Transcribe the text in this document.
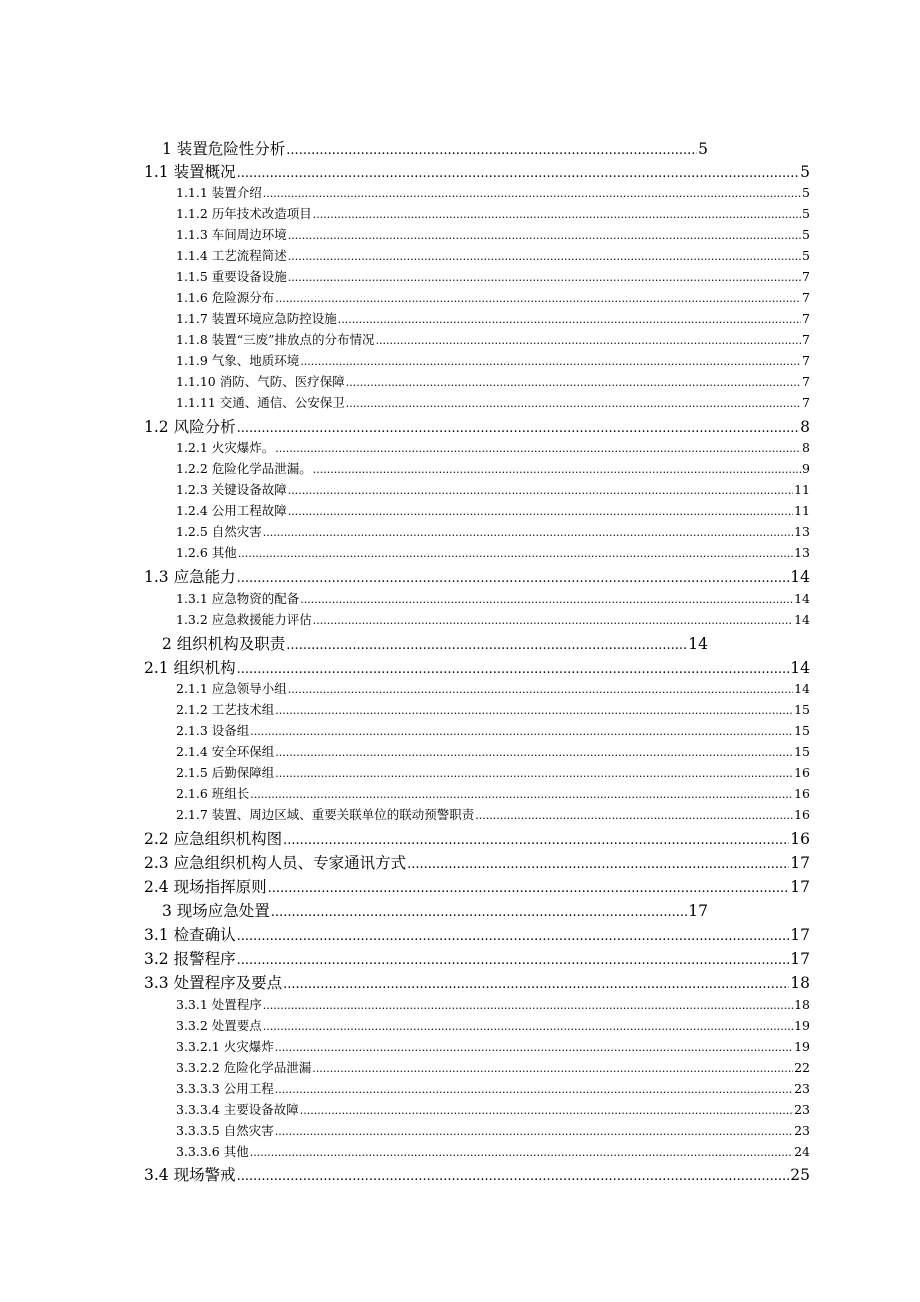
1 装置危险性分析 .....	5
1.1 装置概况 .....	5
1.1.1 装置介绍 .....	5
1.1.2 历年技术改造项目 .....	5
1.1.3 车间周边环境 .....	5
1.1.4 工艺流程简述 .....	5
1.1.5 重要设备设施 .....	7
1.1.6 危险源分布 .....	7
1.1.7 装置环境应急防控设施 .....	7
1.1.8 装置“三废”排放点的分布情况 .....	7
1.1.9 气象、地质环境 .....	7
1.1.10 消防、气防、医疗保障 .....	7
1.1.11 交通、通信、公安保卫 .....	7
1.2 风险分析 .....	8
1.2.1 火灾爆炸。 .....	8
1.2.2 危险化学品泄漏。 .....	9
1.2.3 关键设备故障 .....	11
1.2.4 公用工程故障 .....	11
1.2.5 自然灾害 .....	13
1.2.6 其他 .....	13
1.3 应急能力 .....	14
1.3.1 应急物资的配备 .....	14
1.3.2 应急救援能力评估 .....	14
2 组织机构及职责 .....	14
2.1 组织机构 .....	14
2.1.1 应急领导小组 .....	14
2.1.2 工艺技术组 .....	15
2.1.3 设备组 .....	15
2.1.4 安全环保组 .....	15
2.1.5 后勤保障组 .....	16
2.1.6 班组长 .....	16
2.1.7 装置、周边区域、重要关联单位的联动预警职责 .....	16
2.2 应急组织机构图 .....	16
2.3 应急组织机构人员、专家通讯方式 .....	17
2.4 现场指挥原则 .....	17
3 现场应急处置 .....	17
3.1 检查确认 .....	17
3.2 报警程序 .....	17
3.3 处置程序及要点 .....	18
3.3.1 处置程序 .....	18
3.3.2 处置要点 .....	19
3.3.2.1 火灾爆炸 .....	19
3.3.2.2 危险化学品泄漏 .....	22
3.3.3.3 公用工程 .....	23
3.3.3.4 主要设备故障 .....	23
3.3.3.5 自然灾害 .....	23
3.3.3.6 其他 .....	24
3.4 现场警戒 .....	25
